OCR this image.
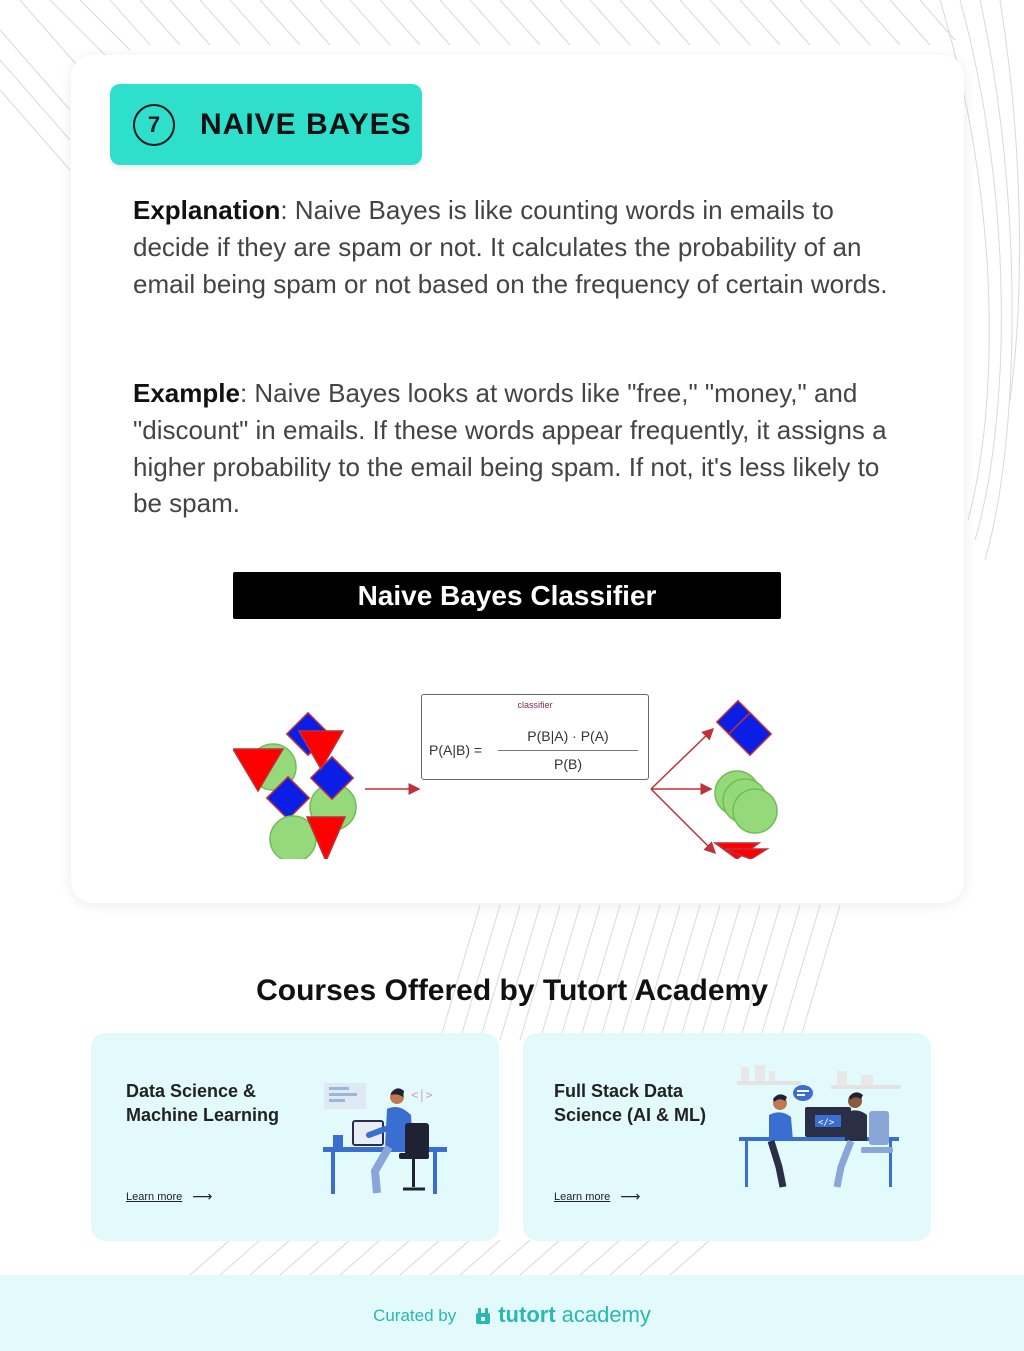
7	NAIVE BAYES

Explanation: Naive Bayes is like counting words in emails to decide if they are spam or not. It calculates the probability of an email being spam or not based on the frequency of certain words.

Example: Naive Bayes looks at words like "free," "money," and "discount" in emails. If these words appear frequently, it assigns a higher probability to the email being spam. If not, it's less likely to be spam.

Naive Bayes Classifier
classifier
P(A|B) =
P(B|A) · P(A)
P(B)
Courses Offered by Tutort Academy
Data Science & Machine Learning
Learn more ⟶
<|>	Full Stack Data Science (AI & ML)
Learn more ⟶
</>
Curated by tutort academy
